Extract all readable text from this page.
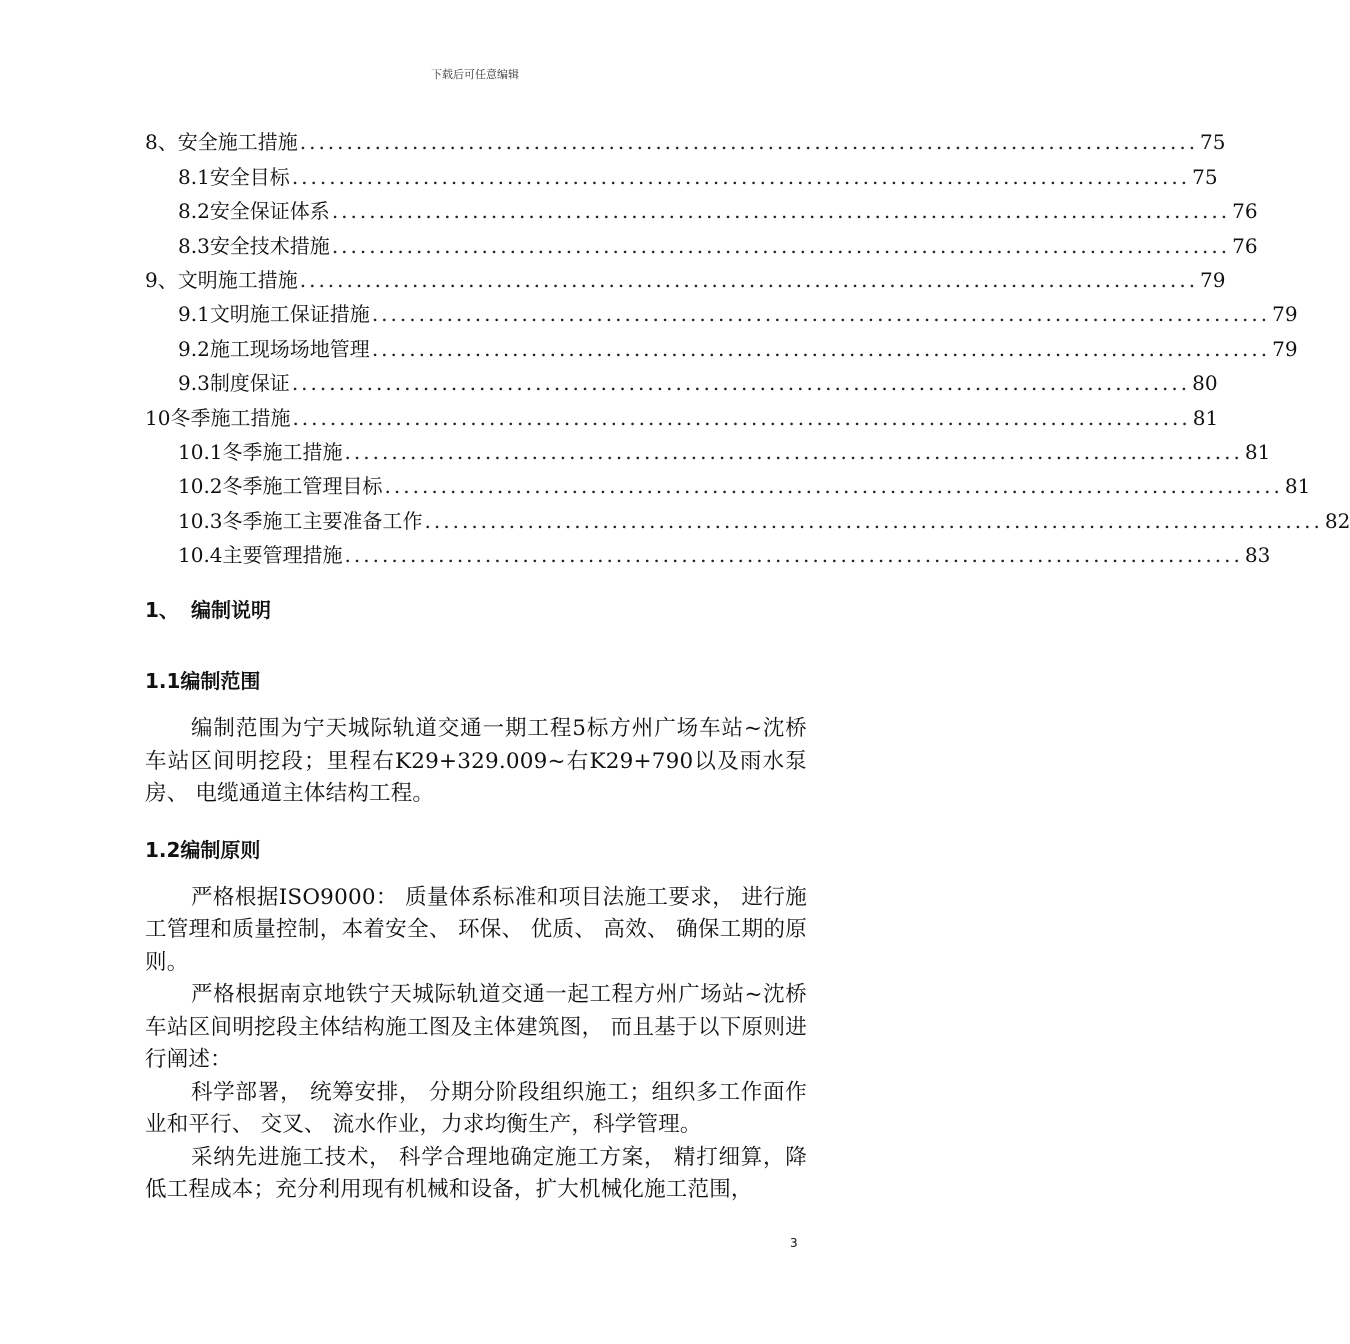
下载后可任意编辑
8、 安全施工措施 ................................................................................................ 75
8.1 安全目标 ................................................................................................ 75
8.2 安全保证体系 ................................................................................................ 76
8.3 安全技术措施 ................................................................................................ 76
9、 文明施工措施 ................................................................................................ 79
9.1 文明施工保证措施 ................................................................................................ 79
9.2 施工现场场地管理 ................................................................................................ 79
9.3 制度保证 ................................................................................................ 80
10 冬季施工措施 ................................................................................................ 81
10.1 冬季施工措施 ................................................................................................ 81
10.2 冬季施工管理目标 ................................................................................................ 81
10.3 冬季施工主要准备工作 ................................................................................................ 82
10.4 主要管理措施 ................................................................................................ 83
1、 编制说明
1.1编制范围
编制范围为宁天城际轨道交通一期工程5标方州广场车站~沈桥车站区间明挖段；里程右K29+329.009~右K29+790以及雨水泵房、 电缆通道主体结构工程。
1.2编制原则
严格根据ISO9000： 质量体系标准和项目法施工要求， 进行施工管理和质量控制，本着安全、 环保、 优质、 高效、 确保工期的原则。
严格根据南京地铁宁天城际轨道交通一起工程方州广场站~沈桥车站区间明挖段主体结构施工图及主体建筑图， 而且基于以下原则进行阐述：
科学部署， 统筹安排， 分期分阶段组织施工；组织多工作面作业和平行、 交叉、 流水作业，力求均衡生产，科学管理。
采纳先进施工技术， 科学合理地确定施工方案， 精打细算，降低工程成本；充分利用现有机械和设备，扩大机械化施工范围，
3
